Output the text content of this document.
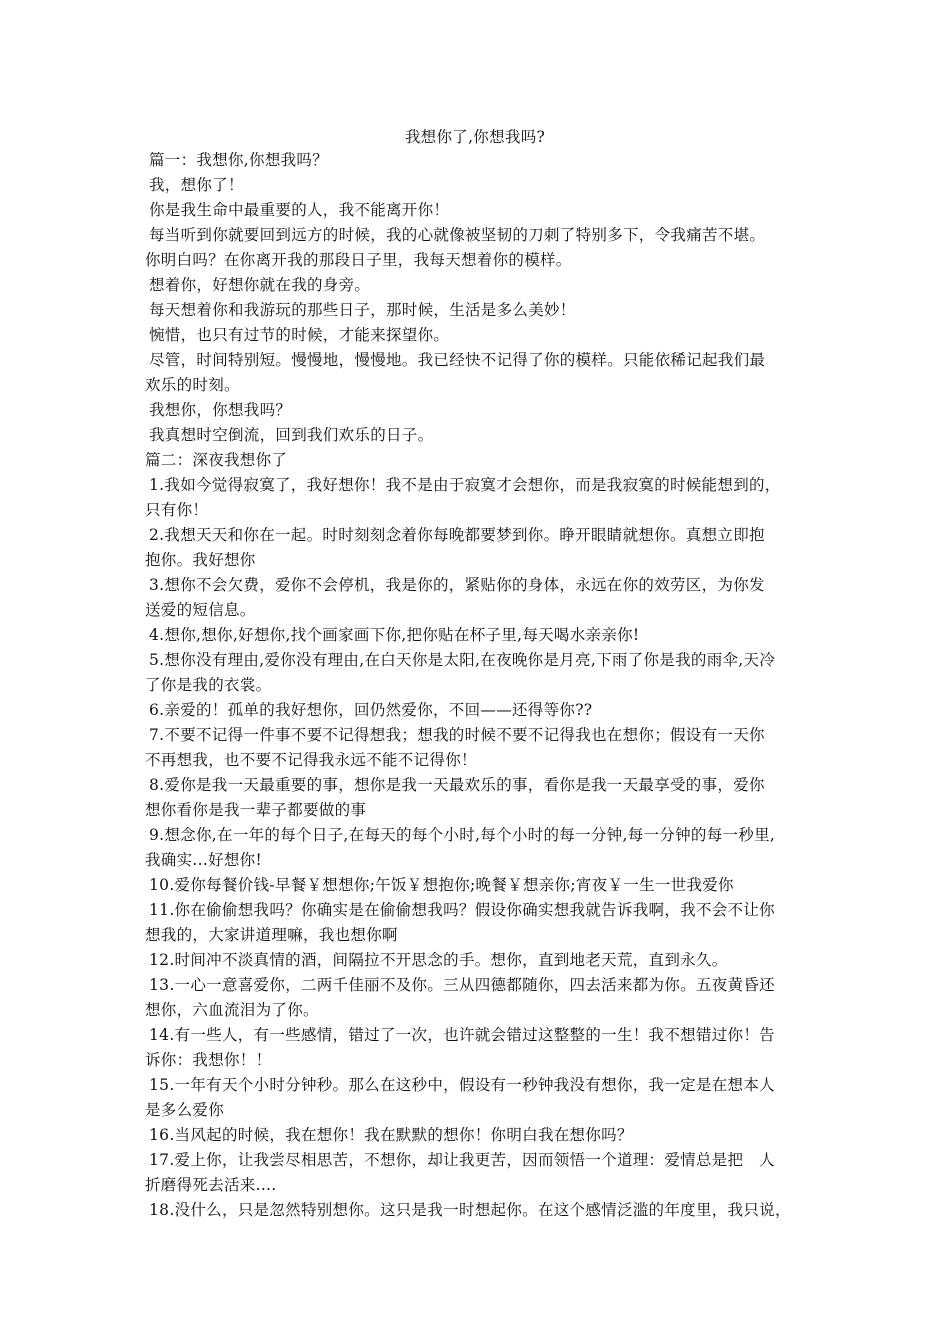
我想你了,你想我吗?
篇一：我想你,你想我吗？
我，想你了！
你是我生命中最重要的人，我不能离开你！
每当听到你就要回到远方的时候，我的心就像被坚韧的刀刺了特别多下，令我痛苦不堪。
你明白吗？在你离开我的那段日子里，我每天想着你的模样。
想着你，好想你就在我的身旁。
每天想着你和我游玩的那些日子，那时候，生活是多么美妙！
惋惜，也只有过节的时候，才能来探望你。
尽管，时间特别短。慢慢地，慢慢地。我已经快不记得了你的模样。只能依稀记起我们最
欢乐的时刻。
我想你，你想我吗？
我真想时空倒流，回到我们欢乐的日子。
篇二：深夜我想你了
1.我如今觉得寂寞了，我好想你！我不是由于寂寞才会想你，而是我寂寞的时候能想到的，
只有你！
2.我想天天和你在一起。时时刻刻念着你每晚都要梦到你。睁开眼睛就想你。真想立即抱
抱你。我好想你
3.想你不会欠费，爱你不会停机，我是你的，紧贴你的身体，永远在你的效劳区，为你发
送爱的短信息。
4.想你,想你,好想你,找个画家画下你,把你贴在杯子里,每天喝水亲亲你!
5.想你没有理由,爱你没有理由,在白天你是太阳,在夜晚你是月亮,下雨了你是我的雨伞,天冷
了你是我的衣裳。
6.亲爱的！孤单的我好想你，回仍然爱你，不回——还得等你??
7.不要不记得一件事不要不记得想我；想我的时候不要不记得我也在想你；假设有一天你
不再想我，也不要不记得我永远不能不记得你！
8.爱你是我一天最重要的事，想你是我一天最欢乐的事，看你是我一天最享受的事，爱你
想你看你是我一辈子都要做的事
9.想念你,在一年的每个日子,在每天的每个小时,每个小时的每一分钟,每一分钟的每一秒里,
我确实...好想你!
10.爱你每餐价钱-早餐￥想想你;午饭￥想抱你;晚餐￥想亲你;宵夜￥一生一世我爱你
11.你在偷偷想我吗？你确实是在偷偷想我吗？假设你确实想我就告诉我啊，我不会不让你
想我的，大家讲道理嘛，我也想你啊
12.时间冲不淡真情的酒，间隔拉不开思念的手。想你，直到地老天荒，直到永久。
13.一心一意喜爱你，二两千佳丽不及你。三从四德都随你，四去活来都为你。五夜黄昏还
想你，六血流泪为了你。
14.有一些人，有一些感情，错过了一次，也许就会错过这整整的一生！我不想错过你！告
诉你：我想你！！
15.一年有天个小时分钟秒。那么在这秒中，假设有一秒钟我没有想你，我一定是在想本人
是多么爱你
16.当风起的时候，我在想你！我在默默的想你！你明白我在想你吗？
17.爱上你，让我尝尽相思苦，不想你，却让我更苦，因而领悟一个道理：爱情总是把　人
折磨得死去活来....
18.没什么，只是忽然特别想你。这只是我一时想起你。在这个感情泛滥的年度里，我只说，
